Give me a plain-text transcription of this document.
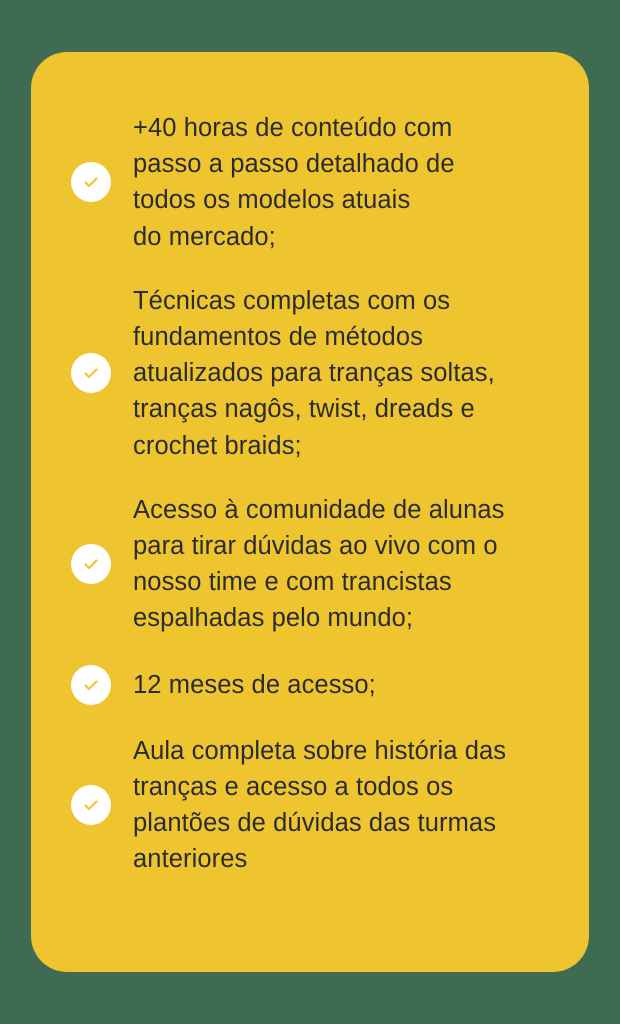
+40 horas de conteúdo com
passo a passo detalhado de
todos os modelos atuais
do mercado;
Técnicas completas com os
fundamentos de métodos
atualizados para tranças soltas,
tranças nagôs, twist, dreads e
crochet braids;
Acesso à comunidade de alunas
para tirar dúvidas ao vivo com o
nosso time e com trancistas
espalhadas pelo mundo;
12 meses de acesso;
Aula completa sobre história das
tranças e acesso a todos os
plantões de dúvidas das turmas
anteriores
